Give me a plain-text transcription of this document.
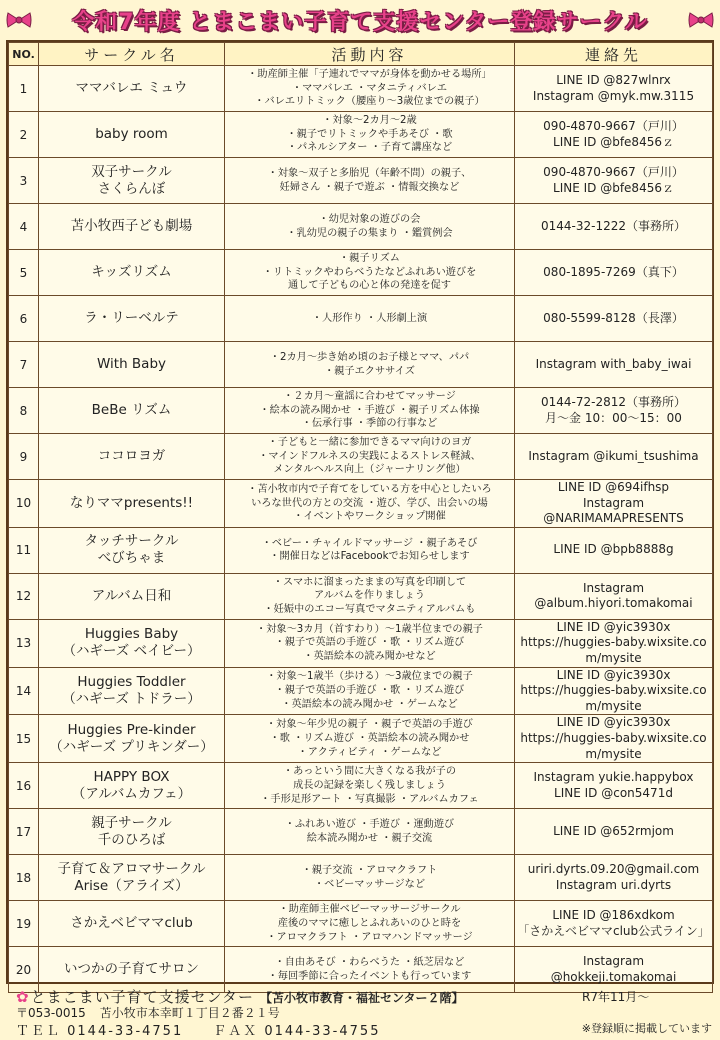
令和7年度 とまこまい子育て支援センター登録サークル
NO.	サークル名	活動内容	連絡先
1	ママバレエ ミュウ	・助産師主催「子連れでママが身体を動かせる場所」
・ママバレエ ・マタニティバレエ
・バレエリトミック（腰座り～3歳位までの親子）	LINE ID @827wlnrx
Instagram @myk.mw.3115

2	baby room	・対象～2カ月～2歳
・親子でリトミックや手あそび ・歌
・パネルシアター ・子育て講座など	090-4870-9667（戸川）
LINE ID @bfe8456ｚ

3	双子サークル
さくらんぼ	・対象～双子と多胎児（年齢不問）の親子、
妊婦さん ・親子で遊ぶ ・情報交換など	090-4870-9667（戸川）
LINE ID @bfe8456ｚ

4	苫小牧西子ども劇場	・幼児対象の遊びの会
・乳幼児の親子の集まり ・鑑賞例会	0144-32-1222（事務所）

5	キッズリズム	・親子リズム
・リトミックやわらべうたなどふれあい遊びを
通して子どもの心と体の発達を促す	080-1895-7269（真下）

6	ラ・リーベルテ	・人形作り ・人形劇上演	080-5599-8128（長澤）

7	With Baby	・2カ月～歩き始め頃のお子様とママ、パパ
・親子エクササイズ	Instagram with_baby_iwai

8	BeBe リズム	・２カ月～童謡に合わせてマッサージ
・絵本の読み聞かせ ・手遊び ・親子リズム体操
・伝承行事 ・季節の行事など	0144-72-2812（事務所）
月～金 10：00～15：00

9	ココロヨガ	・子どもと一緒に参加できるママ向けのヨガ
・マインドフルネスの実践によるストレス軽減、
メンタルヘルス向上（ジャーナリング他）	Instagram @ikumi_tsushima

10	なりママpresents!!	・苫小牧市内で子育てをしている方を中心としたいろ
いろな世代の方との交流 ・遊び、学び、出会いの場
・イベントやワークショップ開催	LINE ID @694ifhsp
Instagram
@NARIMAMAPRESENTS

11	タッチサークル
べびちゃま	・ベビー・チャイルドマッサージ ・親子あそび
・開催日などはFacebookでお知らせします	LINE ID @bpb8888g

12	アルバム日和	・スマホに溜まったままの写真を印刷して
アルバムを作りましょう
・妊娠中のエコー写真でマタニティアルバムも	Instagram
@album.hiyori.tomakomai

13	Huggies Baby
（ハギーズ ベイビー）	・対象～3カ月（首すわり）～1歳半位までの親子
・親子で英語の手遊び ・歌 ・リズム遊び
・英語絵本の読み聞かせなど	LINE ID @yic3930x
https://huggies-baby.wixsite.com/mysite

14	Huggies Toddler
（ハギーズ トドラー）	・対象～1歳半（歩ける）～3歳位までの親子
・親子で英語の手遊び ・歌 ・リズム遊び
・英語絵本の読み聞かせ ・ゲームなど	LINE ID @yic3930x
https://huggies-baby.wixsite.com/mysite

15	Huggies Pre-kinder
（ハギーズ プリキンダー）	・対象～年少児の親子 ・親子で英語の手遊び
・歌 ・リズム遊び ・英語絵本の読み聞かせ
・アクティビティ ・ゲームなど	LINE ID @yic3930x
https://huggies-baby.wixsite.com/mysite

16	HAPPY BOX
（アルバムカフェ）	・あっという間に大きくなる我が子の
成長の記録を楽しく残しましょう
・手形足形アート ・写真撮影 ・アルバムカフェ	Instagram yukie.happybox
LINE ID @con5471d

17	親子サークル
千のひろば	・ふれあい遊び ・手遊び ・運動遊び
絵本読み聞かせ ・親子交流	LINE ID @652rmjom

18	子育て＆アロマサークル
Arise（アライズ）	・親子交流 ・アロマクラフト
・ベビーマッサージなど	uriri.dyrts.09.20@gmail.com
Instagram uri.dyrts

19	さかえベビママclub	・助産師主催ベビーマッサージサークル
産後のママに癒しとふれあいのひと時を
・アロマクラフト ・アロマハンドマッサージ	LINE ID @186xdkom
「さかえベビママclub公式ライン」

20	いつかの子育てサロン	・自由あそび ・わらべうた ・紙芝居など
・毎回季節に合ったイベントも行っています	Instagram
@hokkeji.tomakomai
✿ とまこまい子育て支援センター 【苫小牧市教育・福祉センター２階】	R7年11月～
〒053-0015 苫小牧市本幸町１丁目２番２１号
ＴＥＬ 0144-33-4751 ＦＡＸ 0144-33-4755	※登録順に掲載しています
